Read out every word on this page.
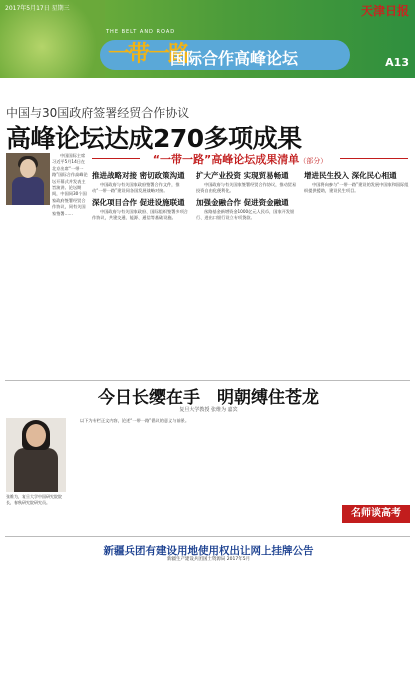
2017年5月17日 星期三	天津日报
THE BELT AND ROAD
一带一路
国际合作高峰论坛	A13
中国与30国政府签署经贸合作协议
高峰论坛达成270多项成果

中国国际主席习近平5月14日在北京出席“一带一路”国际合作高峰论坛开幕式并发表主旨演讲。论坛期间，中国同30个国家政府签署经贸合作协议，同有关国家签署……

“一带一路”高峰论坛成果清单（部分）
推进战略对接 密切政策沟通

中国政府与有关国家政府签署合作文件，推动“一带一路”建设同各国发展战略对接。

深化项目合作 促进设施联通

中国政府与有关国家政府、国际组织签署多项合作协议，共建交通、能源、通信等基础设施。

扩大产业投资 实现贸易畅通

中国政府与有关国家签署经贸合作协议，推动贸易投资自由化便利化。

加强金融合作 促进资金融通

丝路基金新增资金1000亿元人民币，国家开发银行、进出口银行设立专项贷款。

增进民生投入 深化民心相通

中国将向参与“一带一路”建设的发展中国家和国际组织提供援助，建设民生项目。

今日长缨在手　明朝缚住苍龙
复旦大学教授 张维为 嘉宾
张维为，复旦大学中国研究院院长，春秋研究院研究员。

以下为专栏正文内容，论述“一带一路”倡议的意义与前景。

名师谈高考
新疆兵团有建设用地使用权出让网上挂牌公告
新疆生产建设兵团国土资源局 2017年5月
